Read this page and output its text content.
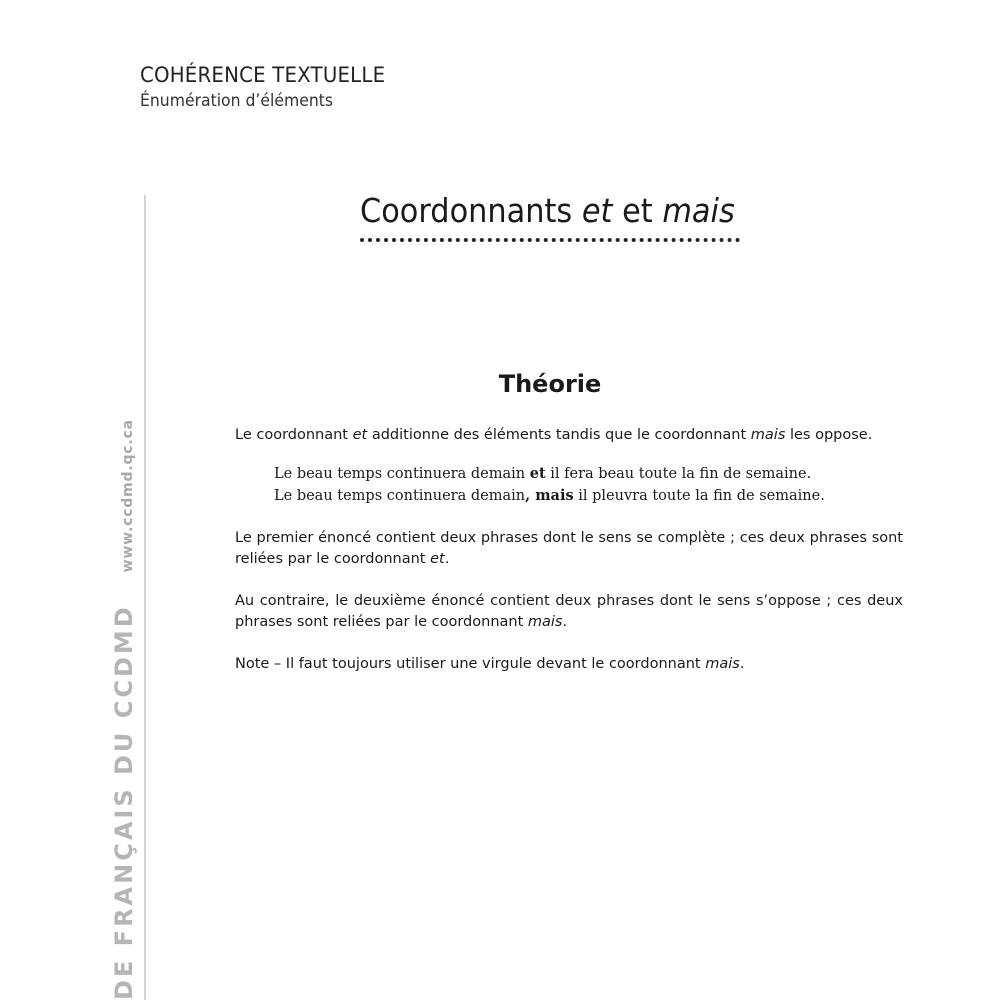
COHÉRENCE TEXTUELLE
Énumération d’éléments
DE FRANÇAIS DU CCDMD
www.ccdmd.qc.ca
Coordonnants et et mais
Théorie

Le coordonnant et additionne des éléments tandis que le coordonnant mais les oppose.

Le beau temps continuera demain et il fera beau toute la fin de semaine.
Le beau temps continuera demain, mais il pleuvra toute la fin de semaine.

Le premier énoncé contient deux phrases dont le sens se complète ; ces deux phrases sont reliées par le coordonnant et.

Au contraire, le deuxième énoncé contient deux phrases dont le sens s’oppose ; ces deux phrases sont reliées par le coordonnant mais.

Note – Il faut toujours utiliser une virgule devant le coordonnant mais.
